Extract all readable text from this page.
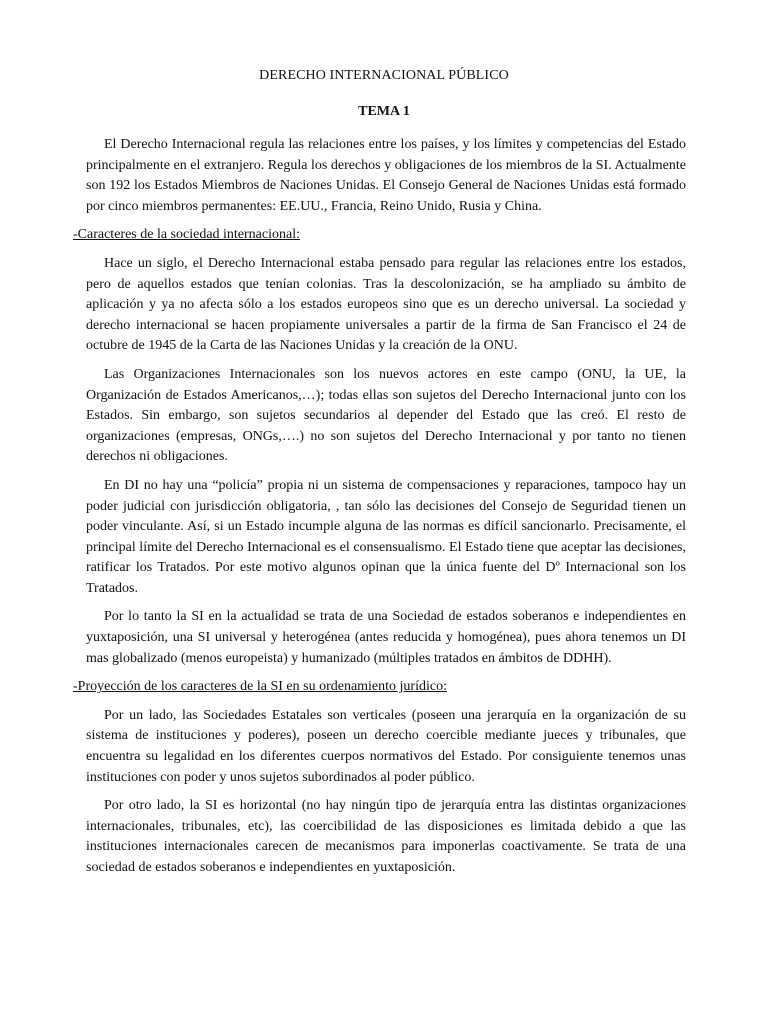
DERECHO INTERNACIONAL PÚBLICO
TEMA 1

El Derecho Internacional regula las relaciones entre los países, y los límites y competencias del Estado principalmente en el extranjero. Regula los derechos y obligaciones de los miembros de la SI. Actualmente son 192 los Estados Miembros de Naciones Unidas. El Consejo General de Naciones Unidas está formado por cinco miembros permanentes: EE.UU., Francia, Reino Unido, Rusia y China.

-Caracteres de la sociedad internacional:

Hace un siglo, el Derecho Internacional estaba pensado para regular las relaciones entre los estados, pero de aquellos estados que tenían colonias. Tras la descolonización, se ha ampliado su ámbito de aplicación y ya no afecta sólo a los estados europeos sino que es un derecho universal. La sociedad y derecho internacional se hacen propiamente universales a partir de la firma de San Francisco el 24 de octubre de 1945 de la Carta de las Naciones Unidas y la creación de la ONU.

Las Organizaciones Internacionales son los nuevos actores en este campo (ONU, la UE, la Organización de Estados Americanos,…); todas ellas son sujetos del Derecho Internacional junto con los Estados. Sin embargo, son sujetos secundarios al depender del Estado que las creó. El resto de organizaciones (empresas, ONGs,….) no son sujetos del Derecho Internacional y por tanto no tienen derechos ni obligaciones.

En DI no hay una “policía” propia ni un sistema de compensaciones y reparaciones, tampoco hay un poder judicial con jurisdicción obligatoria, , tan sólo las decisiones del Consejo de Seguridad tienen un poder vinculante. Así, si un Estado incumple alguna de las normas es difícil sancionarlo. Precisamente, el principal límite del Derecho Internacional es el consensualismo. El Estado tiene que aceptar las decisiones, ratificar los Tratados. Por este motivo algunos opinan que la única fuente del Dº Internacional son los Tratados.

Por lo tanto la SI en la actualidad se trata de una Sociedad de estados soberanos e independientes en yuxtaposición, una SI universal y heterogénea (antes reducida y homogénea), pues ahora tenemos un DI mas globalizado (menos europeista) y humanizado (múltiples tratados en ámbitos de DDHH).

-Proyección de los caracteres de la SI en su ordenamiento jurídico:

Por un lado, las Sociedades Estatales son verticales (poseen una jerarquía en la organización de su sistema de instituciones y poderes), poseen un derecho coercible mediante jueces y tribunales, que encuentra su legalidad en los diferentes cuerpos normativos del Estado. Por consiguiente tenemos unas instituciones con poder y unos sujetos subordinados al poder público.

Por otro lado, la SI es horizontal (no hay ningún tipo de jerarquía entra las distintas organizaciones internacionales, tribunales, etc), las coercibilidad de las disposiciones es limitada debido a que las instituciones internacionales carecen de mecanismos para imponerlas coactivamente. Se trata de una sociedad de estados soberanos e independientes en yuxtaposición.
